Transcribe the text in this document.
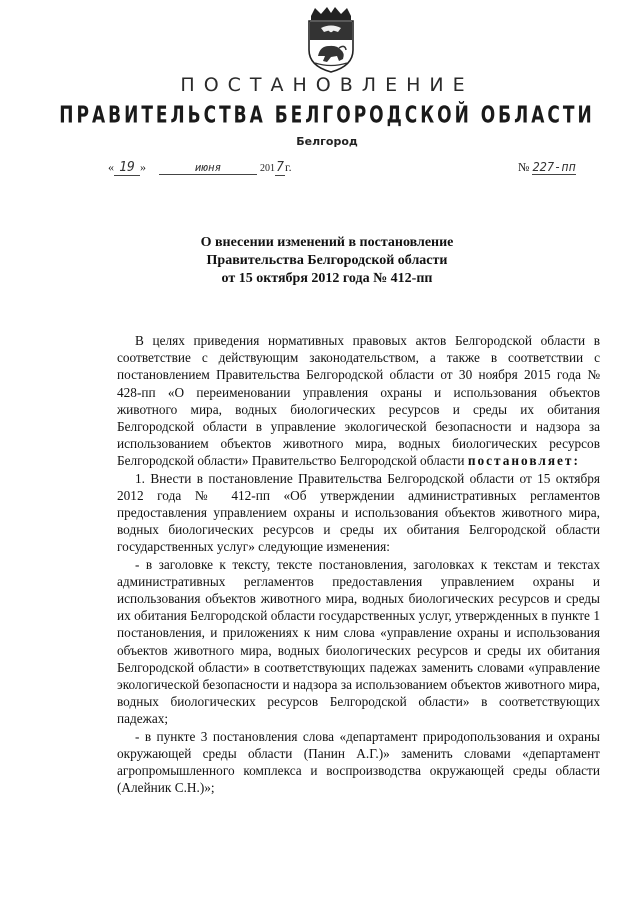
ПОСТАНОВЛЕНИЕ
ПРАВИТЕЛЬСТВА БЕЛГОРОДСКОЙ ОБЛАСТИ
Белгород
« 19 »	июня	2017г.	№ 227-пп
О внесении изменений в постановление
Правительства Белгородской области
от 15 октября 2012 года № 412-пп

В целях приведения нормативных правовых актов Белгородской области в соответствие с действующим законодательством, а также в соответствии с постановлением Правительства Белгородской области от 30 ноября 2015 года № 428-пп «О переименовании управления охраны и использования объектов животного мира, водных биологических ресурсов и среды их обитания Белгородской области в управление экологической безопасности и надзора за использованием объектов животного мира, водных биологических ресурсов Белгородской области» Правительство Белгородской области постановляет:

1. Внести в постановление Правительства Белгородской области от 15 октября 2012 года № 412-пп «Об утверждении административных регламентов предоставления управлением охраны и использования объектов животного мира, водных биологических ресурсов и среды их обитания Белгородской области государственных услуг» следующие изменения:

- в заголовке к тексту, тексте постановления, заголовках к текстам и текстах административных регламентов предоставления управлением охраны и использования объектов животного мира, водных биологических ресурсов и среды их обитания Белгородской области государственных услуг, утвержденных в пункте 1 постановления, и приложениях к ним слова «управление охраны и использования объектов животного мира, водных биологических ресурсов и среды их обитания Белгородской области» в соответствующих падежах заменить словами «управление экологической безопасности и надзора за использованием объектов животного мира, водных биологических ресурсов Белгородской области» в соответствующих падежах;

- в пункте 3 постановления слова «департамент природопользования и охраны окружающей среды области (Панин А.Г.)» заменить словами «департамент агропромышленного комплекса и воспроизводства окружающей среды области (Алейник С.Н.)»;
